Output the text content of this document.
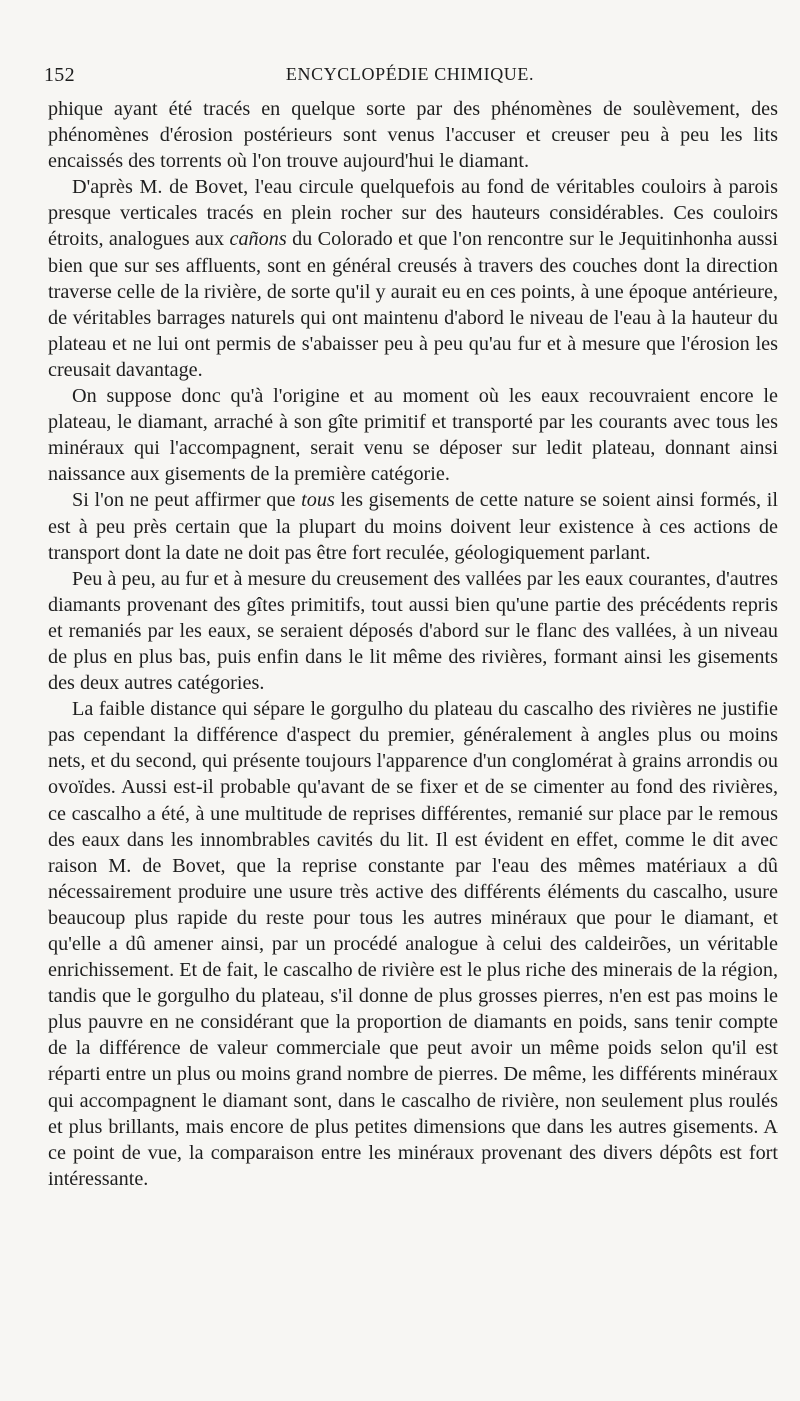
152	ENCYCLOPÉDIE CHIMIQUE.

phique ayant été tracés en quelque sorte par des phénomènes de soulèvement, des phénomènes d'érosion postérieurs sont venus l'accuser et creuser peu à peu les lits encaissés des torrents où l'on trouve aujourd'hui le diamant.

D'après M. de Bovet, l'eau circule quelquefois au fond de véritables couloirs à parois presque verticales tracés en plein rocher sur des hauteurs considérables. Ces couloirs étroits, analogues aux cañons du Colorado et que l'on rencontre sur le Jequitinhonha aussi bien que sur ses affluents, sont en général creusés à travers des couches dont la direction traverse celle de la rivière, de sorte qu'il y aurait eu en ces points, à une époque antérieure, de véritables barrages naturels qui ont maintenu d'abord le niveau de l'eau à la hauteur du plateau et ne lui ont permis de s'abaisser peu à peu qu'au fur et à mesure que l'érosion les creusait davantage.

On suppose donc qu'à l'origine et au moment où les eaux recouvraient encore le plateau, le diamant, arraché à son gîte primitif et transporté par les courants avec tous les minéraux qui l'accompagnent, serait venu se déposer sur ledit plateau, donnant ainsi naissance aux gisements de la première catégorie.

Si l'on ne peut affirmer que tous les gisements de cette nature se soient ainsi formés, il est à peu près certain que la plupart du moins doivent leur existence à ces actions de transport dont la date ne doit pas être fort reculée, géologiquement parlant.

Peu à peu, au fur et à mesure du creusement des vallées par les eaux courantes, d'autres diamants provenant des gîtes primitifs, tout aussi bien qu'une partie des précédents repris et remaniés par les eaux, se seraient déposés d'abord sur le flanc des vallées, à un niveau de plus en plus bas, puis enfin dans le lit même des rivières, formant ainsi les gisements des deux autres catégories.

La faible distance qui sépare le gorgulho du plateau du cascalho des rivières ne justifie pas cependant la différence d'aspect du premier, généralement à angles plus ou moins nets, et du second, qui présente toujours l'apparence d'un conglomérat à grains arrondis ou ovoïdes. Aussi est-il probable qu'avant de se fixer et de se cimenter au fond des rivières, ce cascalho a été, à une multitude de reprises différentes, remanié sur place par le remous des eaux dans les innombrables cavités du lit. Il est évident en effet, comme le dit avec raison M. de Bovet, que la reprise constante par l'eau des mêmes matériaux a dû nécessairement produire une usure très active des différents éléments du cascalho, usure beaucoup plus rapide du reste pour tous les autres minéraux que pour le diamant, et qu'elle a dû amener ainsi, par un procédé analogue à celui des caldeirões, un véritable enrichissement. Et de fait, le cascalho de rivière est le plus riche des minerais de la région, tandis que le gorgulho du plateau, s'il donne de plus grosses pierres, n'en est pas moins le plus pauvre en ne considérant que la proportion de diamants en poids, sans tenir compte de la différence de valeur commerciale que peut avoir un même poids selon qu'il est réparti entre un plus ou moins grand nombre de pierres. De même, les différents minéraux qui accompagnent le diamant sont, dans le cascalho de rivière, non seulement plus roulés et plus brillants, mais encore de plus petites dimensions que dans les autres gisements. A ce point de vue, la comparaison entre les minéraux provenant des divers dépôts est fort intéressante.
